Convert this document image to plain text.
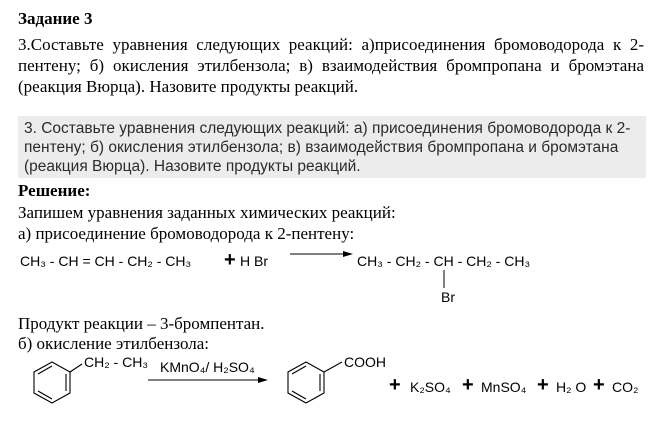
Задание 3
3.Составьте уравнения следующих реакций: а)присоединения бромоводорода к 2-пентену; б) окисления этилбензола; в) взаимодействия бромпропана и бромэтана (реакция Вюрца). Назовите продукты реакций.
3. Составьте уравнения следующих реакций: а) присоединения бромоводорода к 2-пентену; б) окисления этилбензола; в) взаимодействия бромпропана и бромэтана (реакция Вюрца). Назовите продукты реакций.
Решение:
Запишем уравнения заданных химических реакций:
а) присоединение бромоводорода к 2-пентену:
CH₃ - CH = CH - CH₂ - CH₃ + H Br	CH₃ - CH₂ - CH - CH₂ - CH₃
Br
Продукт реакции – 3-бромпентан.
б) окисление этилбензола:
CH₂ - CH₃ KMnO₄/ H₂SO₄	COOH
+ K₂SO₄ + MnSO₄ + H₂ O + CO₂
